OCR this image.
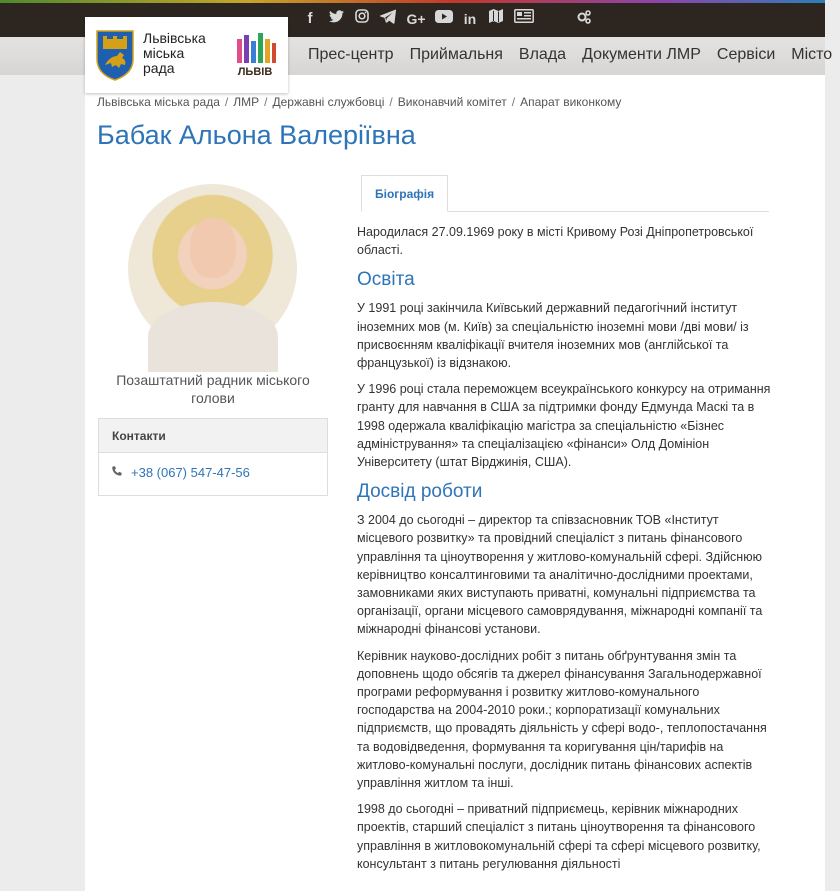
f	G+	in
Прес-центр	Приймальня	Влада	Документи ЛМР	Сервіси	Місто
Львівська
міська
рада	ЛЬВІВ
Львівська міська рада / ЛМР / Державні службовці / Виконавчий комітет / Апарат виконкому
Бабак Альона Валеріївна
Позаштатний радник міського голови
Контакти
+38 (067) 547-47-56
Біографія

Народилася 27.09.1969 року в місті Кривому Розі Дніпропетровської області.

Освіта

У 1991 році закінчила Київський державний педагогічний інститут іноземних мов (м. Київ) за спеціальністю іноземні мови /дві мови/ із присвоєнням кваліфікації вчителя іноземних мов (англійської та французької) із відзнакою.

У 1996 році стала переможцем всеукраїнського конкурсу на отримання гранту для навчання в США за підтримки фонду Едмунда Маскі та в 1998 одержала кваліфікацію магістра за спеціальністю «Бізнес адміністрування» та спеціалізацією «фінанси» Олд Домініон Університету (штат Вірджинія, США).

Досвід роботи

З 2004 до сьогодні – директор та співзасновник ТОВ «Інститут місцевого розвитку» та провідний спеціаліст з питань фінансового управління та ціноутворення у житлово-комунальній сфері. Здійснюю керівництво консалтинговими та аналітично-дослідними проектами, замовниками яких виступають приватні, комунальні підприємства та організації, органи місцевого самоврядування, міжнародні компанії та міжнародні фінансові установи.

Керівник науково-дослідних робіт з питань обґрунтування змін та доповнень щодо обсягів та джерел фінансування Загальнодержавної програми реформування і розвитку житлово-комунального господарства на 2004-2010 роки.; корпоратизації комунальних підприємств, що провадять діяльність у сфері водо-, теплопостачання та водовідведення, формування та коригування цін/тарифів на житлово-комунальні послуги, дослідник питань фінансових аспектів управління житлом та інші.

1998 до сьогодні – приватний підприємець, керівник міжнародних проектів, старший спеціаліст з питань ціноутворення та фінансового управління в житловокомунальній сфері та сфері місцевого розвитку, консультант з питань регулювання діяльності
